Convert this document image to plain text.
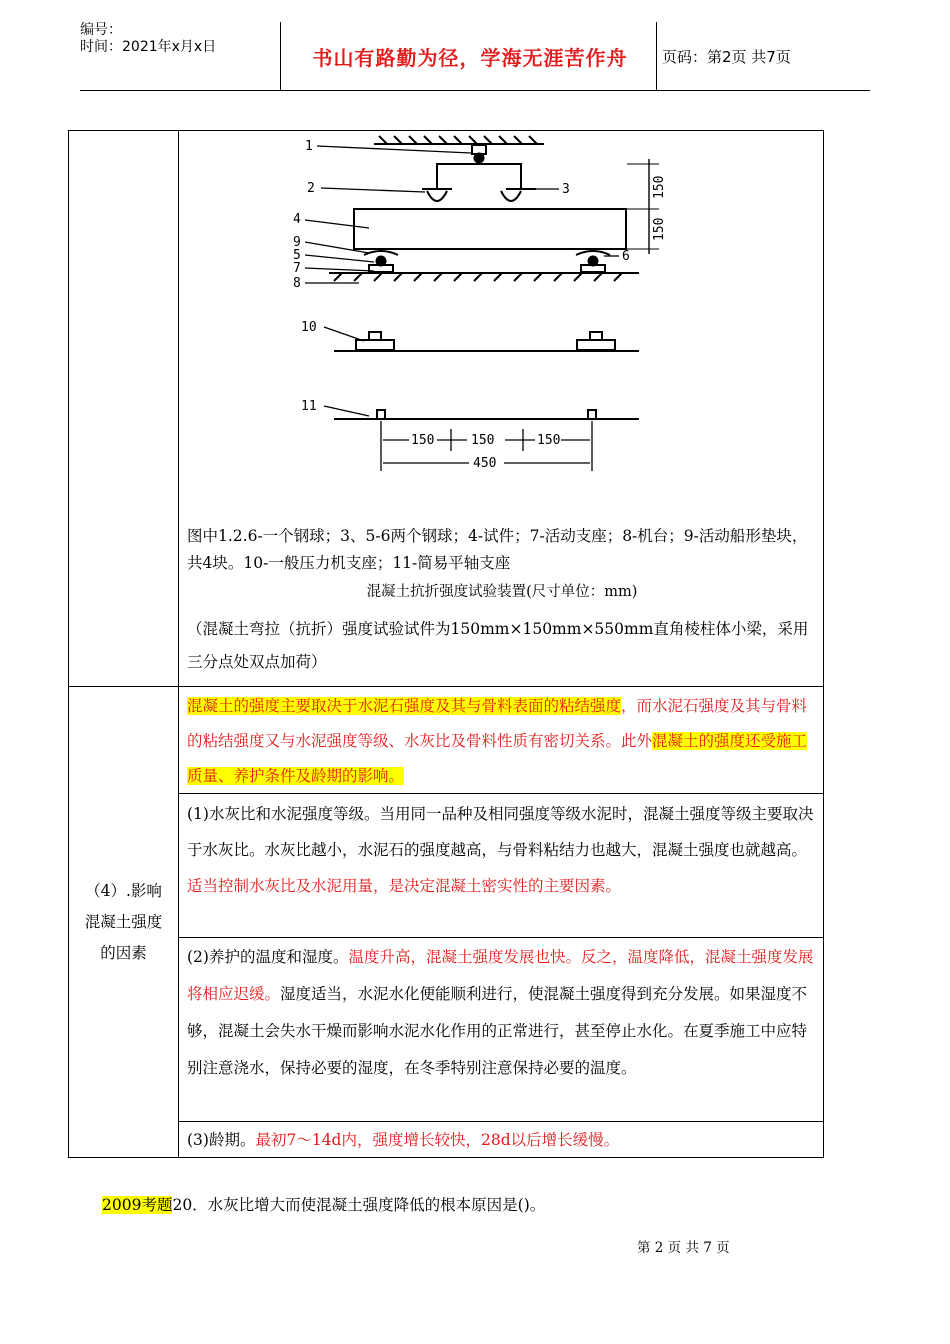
编号：
时间：2021年x月x日	书山有路勤为径，学海无涯苦作舟	页码：第2页 共7页
1
2	3
4
9
5
7
8
6
10
11
150
150
150	150	150
450
图中1.2.6-一个钢球；3、5-6两个钢球；4-试件；7-活动支座；8-机台；9-活动船形垫块，共4块。10-一般压力机支座；11-简易平轴支座
混凝土抗折强度试验装置(尺寸单位：mm)
（混凝土弯拉（抗折）强度试验试件为150mm×150mm×550mm直角棱柱体小梁，采用三分点处双点加荷）
（4）.影响混凝土强度的因素
混凝土的强度主要取决于水泥石强度及其与骨料表面的粘结强度，而水泥石强度及其与骨料的粘结强度又与水泥强度等级、水灰比及骨料性质有密切关系。此外混凝土的强度还受施工质量、养护条件及龄期的影响。
(1)水灰比和水泥强度等级。当用同一品种及相同强度等级水泥时，混凝土强度等级主要取决于水灰比。水灰比越小，水泥石的强度越高，与骨料粘结力也越大，混凝土强度也就越高。
适当控制水灰比及水泥用量，是决定混凝土密实性的主要因素。
(2)养护的温度和湿度。温度升高，混凝土强度发展也快。反之，温度降低，混凝土强度发展将相应迟缓。湿度适当，水泥水化便能顺利进行，使混凝土强度得到充分发展。如果湿度不够，混凝土会失水干燥而影响水泥水化作用的正常进行，甚至停止水化。在夏季施工中应特别注意浇水，保持必要的湿度，在冬季特别注意保持必要的温度。
(3)龄期。最初7～14d内，强度增长较快，28d以后增长缓慢。
2009考题20．水灰比增大而使混凝土强度降低的根本原因是()。
第 2 页 共 7 页
